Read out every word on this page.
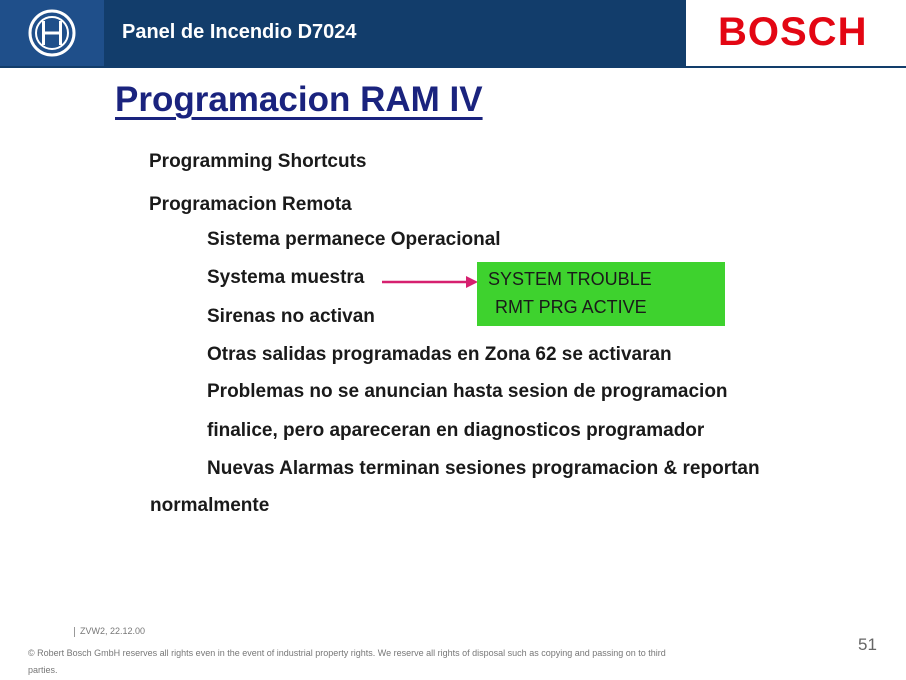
Panel de Incendio D7024	BOSCH
Programacion RAM IV
Programming Shortcuts
Programacion Remota
Sistema permanece Operacional
Systema muestra
Sirenas no activan
Otras salidas programadas en Zona 62 se activaran
Problemas no se anuncian hasta sesion de programacion
finalice, pero apareceran en diagnosticos programador
Nuevas Alarmas terminan sesiones programacion & reportan
normalmente
SYSTEM TROUBLE
RMT PRG ACTIVE
ZVW2, 22.12.00
© Robert Bosch GmbH reserves all rights even in the event of industrial property rights. We reserve all rights of disposal such as copying and passing on to third parties.
51
